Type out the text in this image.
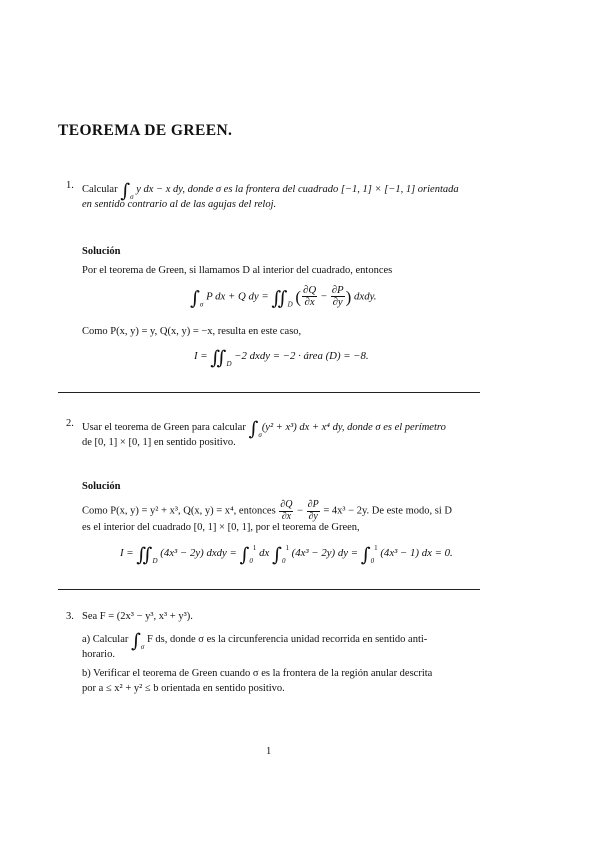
TEOREMA DE GREEN.
1. Calcular $\int_\sigma$ y dx − x dy, donde σ es la frontera del cuadrado [−1, 1] × [−1, 1] orientada
en sentido contrario al de las agujas del reloj.
Solución
Por el teorema de Green, si llamamos D al interior del cuadrado, entonces
$\int_\sigma$ P dx + Q dy = $∬_D$ ( $\frac{\partial Q}{\partial x} - \frac{\partial P}{\partial y}$ ) dxdy.
Como P(x, y) = y, Q(x, y) = −x, resulta en este caso,
$I = ∬_D -2$ dxdy = −2 · área (D) = −8.
2. Usar el teorema de Green para calcular $\int_\sigma(y^2 + x^3)$ dx + x⁴ dy, donde σ es el perímetro
de [0, 1] × [0, 1] en sentido positivo.
Solución
Como P(x, y) = y² + x³, Q(x, y) = x⁴, entonces $\frac{\partial Q}{\partial x} - \frac{\partial P}{\partial y} = 4x^3 - 2y$. De este modo, si D
es el interior del cuadrado [0, 1] × [0, 1], por el teorema de Green,
$I = ∬_D$ (4x³ − 2y) dxdy = $\int_0^1$ dx $\int_0^1$ (4x³ − 2y) dy = $\int_0^1$ (4x³ − 1) dx = 0.
3. Sea F = (2x³ − y³, x³ + y³).
a) Calcular $\int_\sigma$ F ds, donde σ es la circunferencia unidad recorrida en sentido anti-
horario.
b) Verificar el teorema de Green cuando σ es la frontera de la región anular descrita
por a ≤ x² + y² ≤ b orientada en sentido positivo.
1
